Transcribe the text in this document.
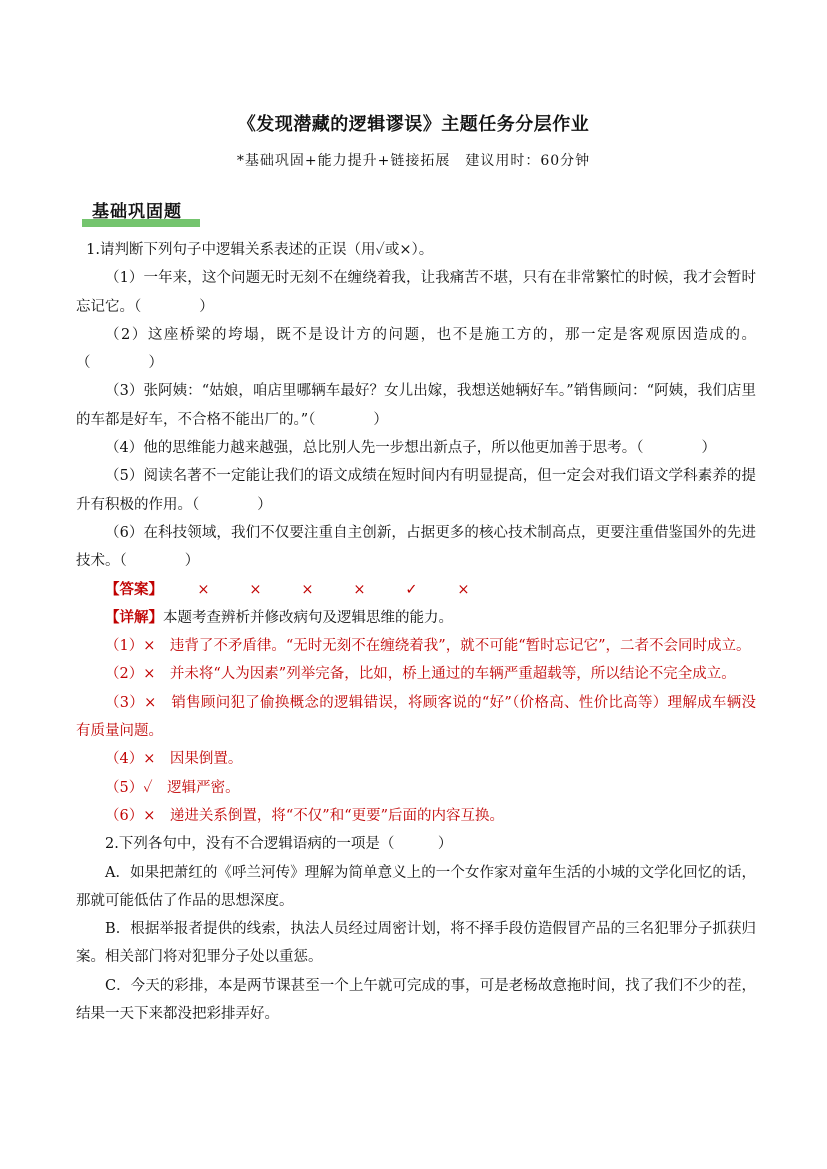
《发现潜藏的逻辑谬误》主题任务分层作业
*基础巩固+能力提升+链接拓展　建议用时：60分钟
基础巩固题

1.请判断下列句子中逻辑关系表述的正误（用✓或×）。

（1）一年来，这个问题无时无刻不在缠绕着我，让我痛苦不堪，只有在非常繁忙的时候，我才会暂时忘记它。（　　　　）

（2）这座桥梁的垮塌，既不是设计方的问题，也不是施工方的，那一定是客观原因造成的。（　　　　）

（3）张阿姨：“姑娘，咱店里哪辆车最好？女儿出嫁，我想送她辆好车。”销售顾问：“阿姨，我们店里的车都是好车，不合格不能出厂的。”（　　　　）

（4）他的思维能力越来越强，总比别人先一步想出新点子，所以他更加善于思考。（　　　　）

（5）阅读名著不一定能让我们的语文成绩在短时间内有明显提高，但一定会对我们语文学科素养的提升有积极的作用。（　　　　）

（6）在科技领域，我们不仅要注重自主创新，占据更多的核心技术制高点，更要注重借鉴国外的先进技术。（　　　　）

【答案】 ×	×	×	×	✓	×

【详解】本题考查辨析并修改病句及逻辑思维的能力。

（1）×　违背了不矛盾律。“无时无刻不在缠绕着我”，就不可能“暂时忘记它”，二者不会同时成立。

（2）×　并未将“人为因素”列举完备，比如，桥上通过的车辆严重超载等，所以结论不完全成立。

（3）×　销售顾问犯了偷换概念的逻辑错误，将顾客说的“好”（价格高、性价比高等）理解成车辆没有质量问题。

（4）×　因果倒置。

（5）✓　逻辑严密。

（6）×　递进关系倒置，将“不仅”和“更要”后面的内容互换。

2.下列各句中，没有不合逻辑语病的一项是（　　　）

A．如果把萧红的《呼兰河传》理解为简单意义上的一个女作家对童年生活的小城的文学化回忆的话，那就可能低估了作品的思想深度。

B．根据举报者提供的线索，执法人员经过周密计划，将不择手段仿造假冒产品的三名犯罪分子抓获归案。相关部门将对犯罪分子处以重惩。

C．今天的彩排，本是两节课甚至一个上午就可完成的事，可是老杨故意拖时间，找了我们不少的茬，结果一天下来都没把彩排弄好。
